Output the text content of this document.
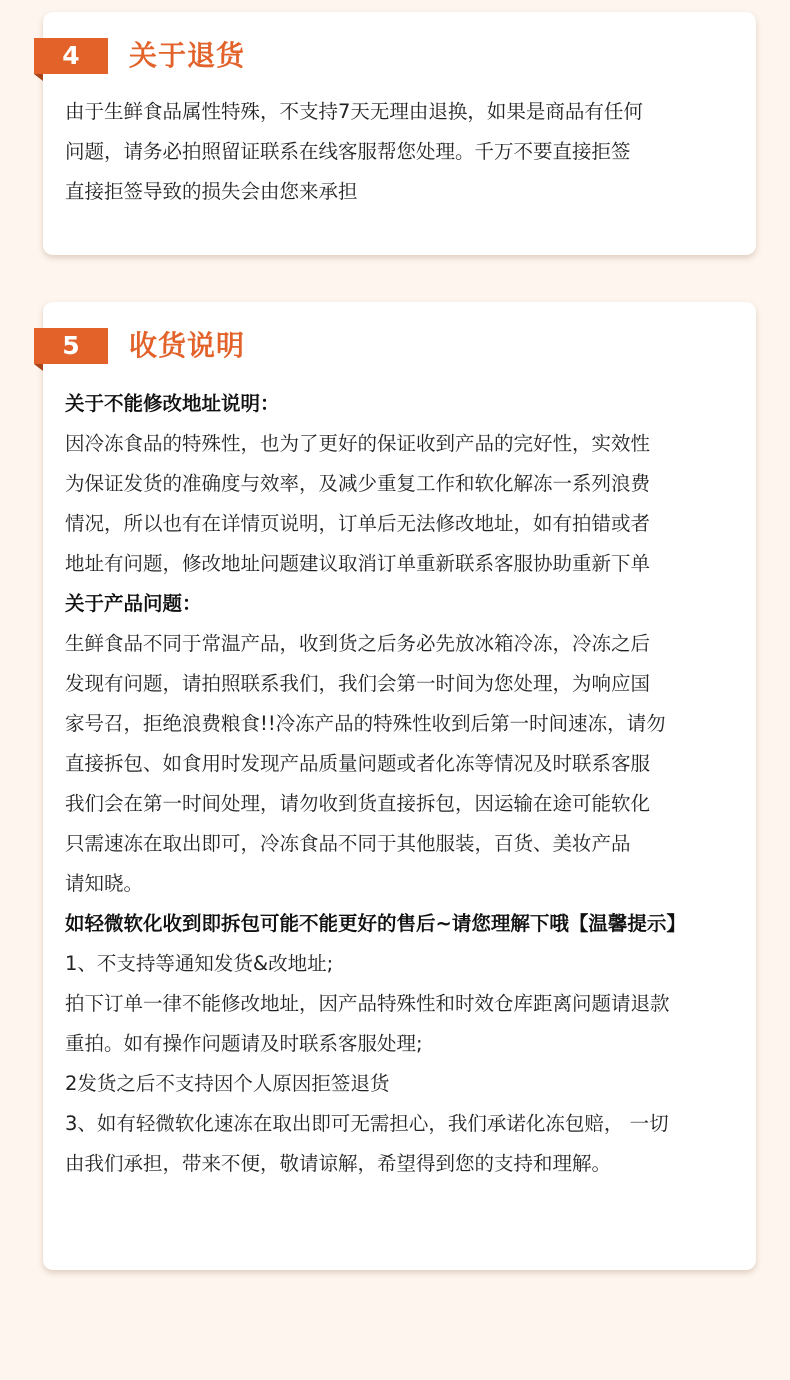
4	关于退货
由于生鲜食品属性特殊，不支持7天无理由退换，如果是商品有任何
问题，请务必拍照留证联系在线客服帮您处理。千万不要直接拒签
直接拒签导致的损失会由您来承担
5	收货说明
关于不能修改地址说明：
因冷冻食品的特殊性，也为了更好的保证收到产品的完好性，实效性
为保证发货的准确度与效率，及减少重复工作和软化解冻一系列浪费
情况，所以也有在详情页说明，订单后无法修改地址，如有拍错或者
地址有问题，修改地址问题建议取消订单重新联系客服协助重新下单
关于产品问题：
生鲜食品不同于常温产品，收到货之后务必先放冰箱冷冻，冷冻之后
发现有问题，请拍照联系我们，我们会第一时间为您处理，为响应国
家号召，拒绝浪费粮食!!冷冻产品的特殊性收到后第一时间速冻，请勿
直接拆包、如食用时发现产品质量问题或者化冻等情况及时联系客服
我们会在第一时间处理，请勿收到货直接拆包，因运输在途可能软化
只需速冻在取出即可，冷冻食品不同于其他服装，百货、美妆产品
请知晓。
如轻微软化收到即拆包可能不能更好的售后~请您理解下哦【温馨提示】
1、不支持等通知发货&改地址;
拍下订单一律不能修改地址，因产品特殊性和时效仓库距离问题请退款
重拍。如有操作问题请及时联系客服处理;
2发货之后不支持因个人原因拒签退货
3、如有轻微软化速冻在取出即可无需担心，我们承诺化冻包赔， 一切
由我们承担，带来不便，敬请谅解，希望得到您的支持和理解。
